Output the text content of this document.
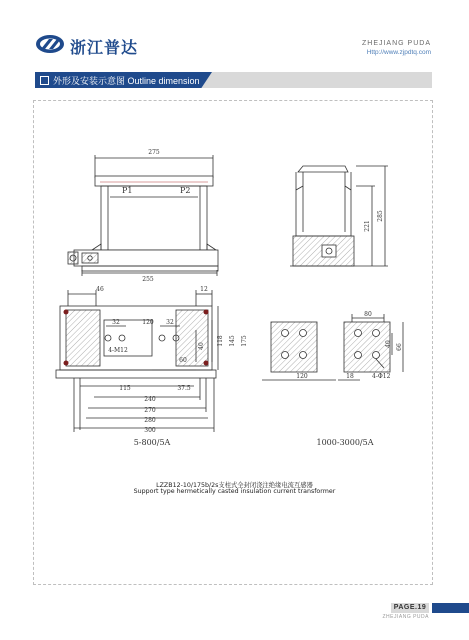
浙江普达	ZHEJIANG PUDA
Http://www.zjpdtq.com
外形及安装示意图 Outline dimension
275
P1	P2
255
221
285
46	12
32	120 32
40 118 145 175
4-M12
60
115	37.5
240
270
280
300
80
40 66
120	18	4-Φ12
5-800/5A	1000-3000/5A
LZZB12-10/175b/2s支柱式全封闭浇注绝缘电流互感器
Support type hermetically casted insulation current transformer
PAGE.19
ZHEJIANG PUDA
